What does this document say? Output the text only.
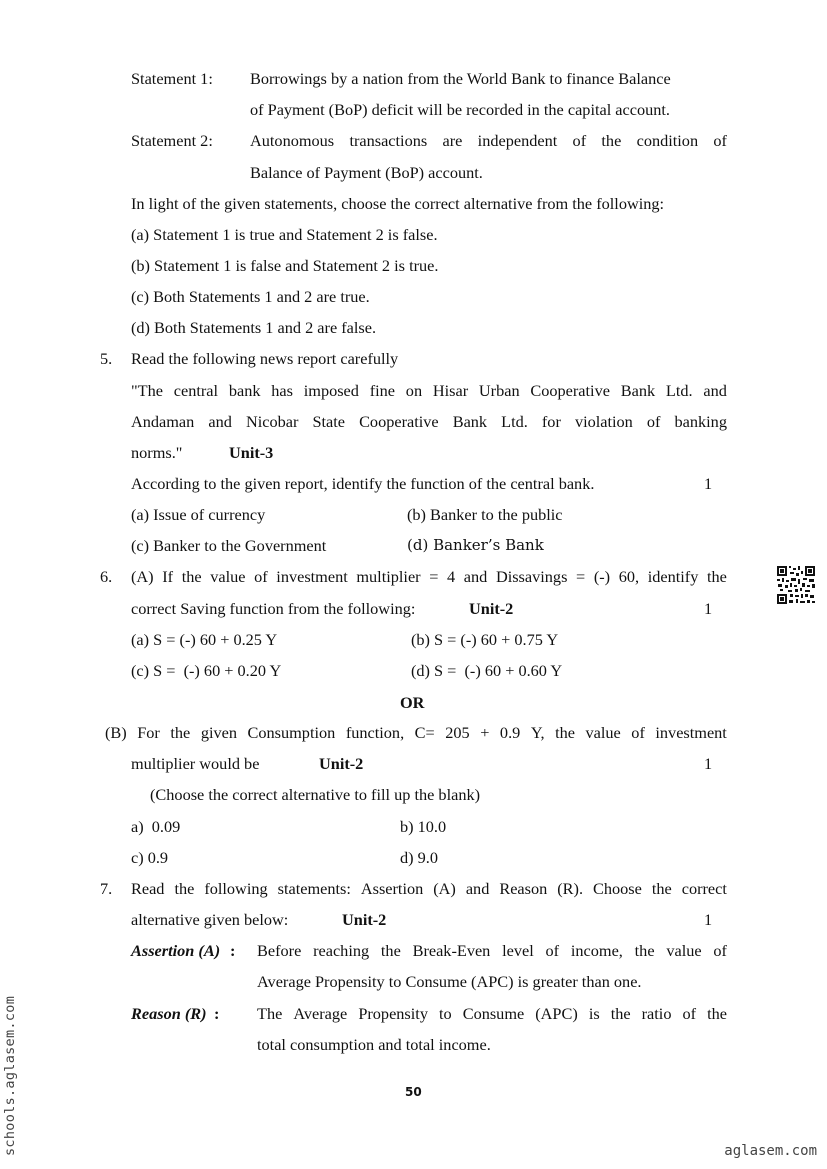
Statement 1: Borrowings by a nation from the World Bank to finance Balance
of Payment (BoP) deficit will be recorded in the capital account.
Statement 2: Autonomous transactions are independent of the condition of
Balance of Payment (BoP) account.
In light of the given statements, choose the correct alternative from the following:
(a) Statement 1 is true and Statement 2 is false.
(b) Statement 1 is false and Statement 2 is true.
(c) Both Statements 1 and 2 are true.
(d) Both Statements 1 and 2 are false.
5. Read the following news report carefully
"The central bank has imposed fine on Hisar Urban Cooperative Bank Ltd. and
Andaman and Nicobar State Cooperative Bank Ltd. for violation of banking
norms."	Unit-3
According to the given report, identify the function of the central bank.	1
(a) Issue of currency	(b) Banker to the public
(c) Banker to the Government	(d) Banker’s Bank
6. (A) If the value of investment multiplier = 4 and Dissavings = (-) 60, identify the
correct Saving function from the following:	Unit-2	1
(a) S = (-) 60 + 0.25 Y	(b) S = (-) 60 + 0.75 Y
(c) S =  (-) 60 + 0.20 Y	(d) S =  (-) 60 + 0.60 Y
OR
(B) For the given Consumption function, C= 205 + 0.9 Y, the value of investment
multiplier would be	Unit-2	1
(Choose the correct alternative to fill up the blank)
a)  0.09	b) 10.0
c) 0.9	d) 9.0
7. Read the following statements: Assertion (A) and Reason (R). Choose the correct
alternative given below:	Unit-2	1
Assertion (A) : Before reaching the Break-Even level of income, the value of
Average Propensity to Consume (APC) is greater than one.
Reason (R) : The Average Propensity to Consume (APC) is the ratio of the
total consumption and total income.
50
schools.aglasem.com	aglasem.com
